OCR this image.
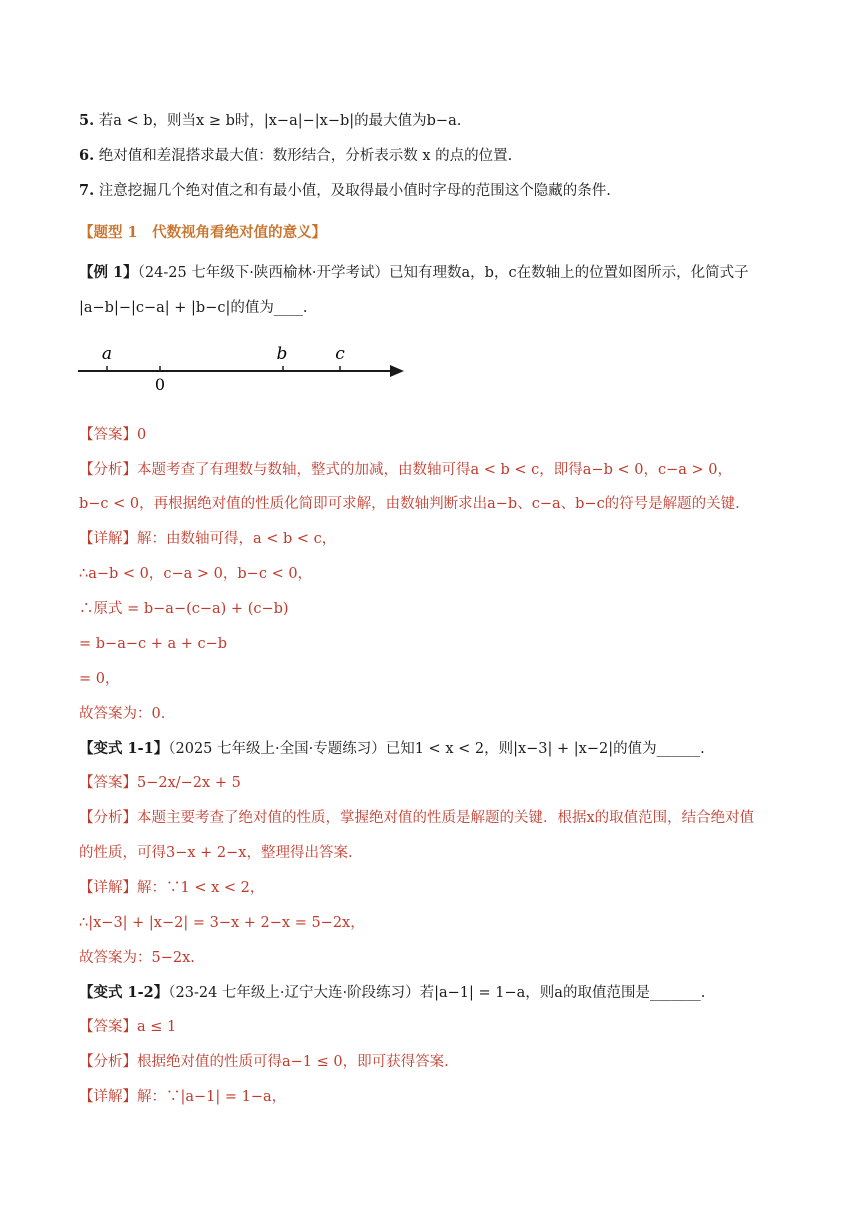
5. 若a < b，则当x ≥ b时，|x−a|−|x−b|的最大值为b−a.
6. 绝对值和差混搭求最大值：数形结合，分析表示数 x 的点的位置.
7. 注意挖掘几个绝对值之和有最小值，及取得最小值时字母的范围这个隐藏的条件.
【题型 1　代数视角看绝对值的意义】
【例 1】（24-25 七年级下·陕西榆林·开学考试）已知有理数a，b，c在数轴上的位置如图所示，化简式子
|a−b|−|c−a| + |b−c|的值为____.
a	b	c
0
【答案】0
【分析】本题考查了有理数与数轴，整式的加减，由数轴可得a < b < c，即得a−b < 0，c−a > 0，
b−c < 0，再根据绝对值的性质化简即可求解，由数轴判断求出a−b、c−a、b−c的符号是解题的关键.
【详解】解：由数轴可得，a < b < c，
∴a−b < 0，c−a > 0，b−c < 0，
∴原式 = b−a−(c−a) + (c−b)
= b−a−c + a + c−b
= 0，
故答案为：0.
【变式 1-1】（2025 七年级上·全国·专题练习）已知1 < x < 2，则|x−3| + |x−2|的值为______.
【答案】5−2x/−2x + 5
【分析】本题主要考查了绝对值的性质，掌握绝对值的性质是解题的关键．根据x的取值范围，结合绝对值
的性质，可得3−x + 2−x，整理得出答案.
【详解】解：∵1 < x < 2，
∴|x−3| + |x−2| = 3−x + 2−x = 5−2x，
故答案为：5−2x.
【变式 1-2】（23-24 七年级上·辽宁大连·阶段练习）若|a−1| = 1−a，则a的取值范围是_______.
【答案】a ≤ 1
【分析】根据绝对值的性质可得a−1 ≤ 0，即可获得答案.
【详解】解：∵|a−1| = 1−a，
